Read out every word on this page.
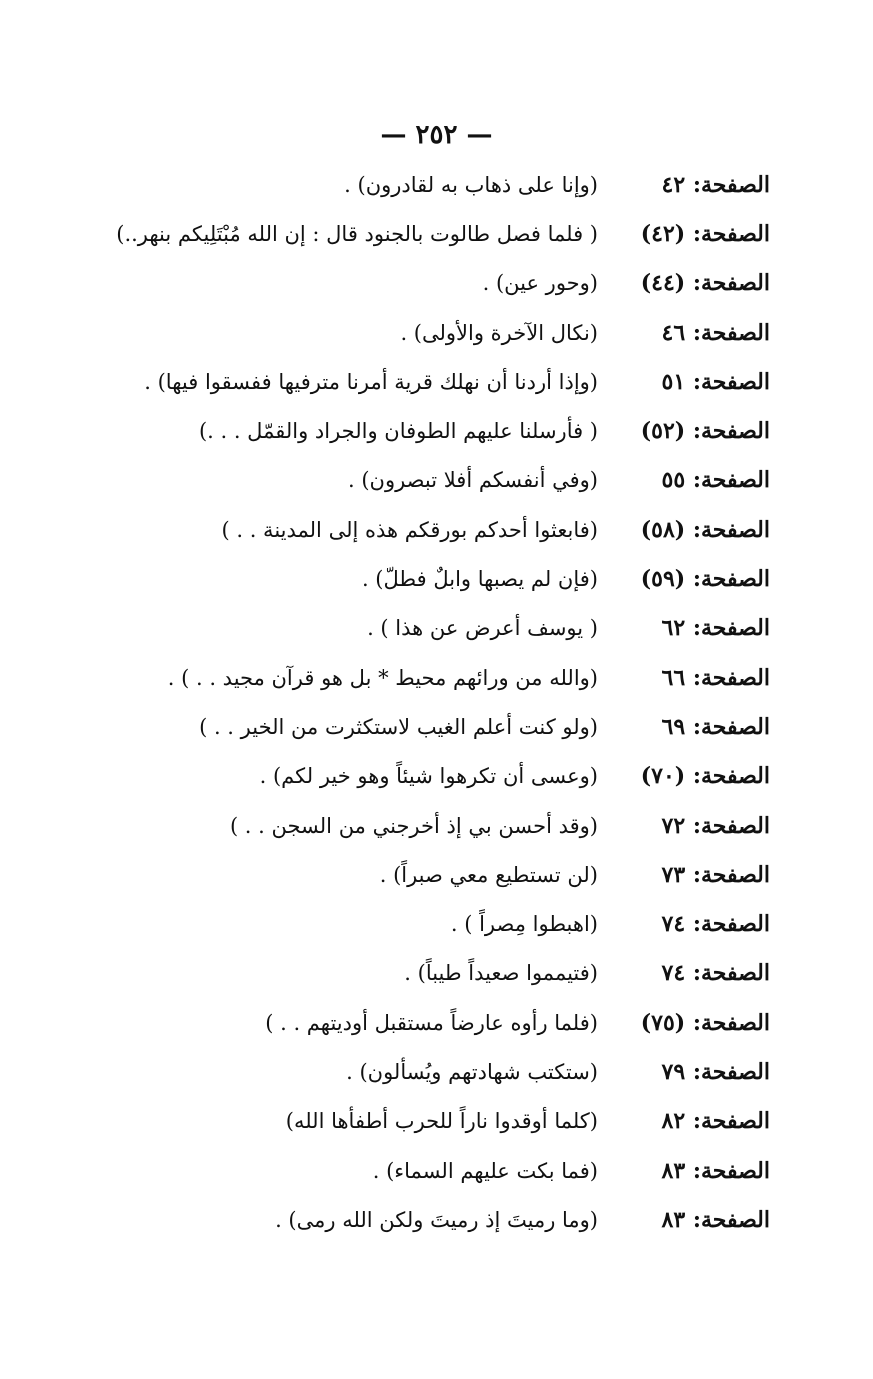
— ٢٥٢ —
الصفحة: ٤٢
(وإنا على ذهاب به لقادرون) .
الصفحة: (٤٢)
( فلما فصل طالوت بالجنود قال : إن الله مُبْتَلِيكم بنهر..)
الصفحة: (٤٤)
(وحور عين) .
الصفحة: ٤٦
(نكال الآخرة والأولى) .
الصفحة: ٥١
(وإذا أردنا أن نهلك قرية أمرنا مترفيها ففسقوا فيها) .
الصفحة: (٥٢)
( فأرسلنا عليهم الطوفان والجراد والقمّل . . .)
الصفحة: ٥٥
(وفي أنفسكم أفلا تبصرون) .
الصفحة: (٥٨)
(فابعثوا أحدكم بورقكم هذه إلى المدينة . . )
الصفحة: (٥٩)
(فإن لم يصبها وابلٌ فطلّ) .
الصفحة: ٦٢
( يوسف أعرض عن هذا ) .
الصفحة: ٦٦
(والله من ورائهم محيط * بل هو قرآن مجيد . . ) .
الصفحة: ٦٩
(ولو كنت أعلم الغيب لاستكثرت من الخير . . )
الصفحة: (٧٠)
(وعسى أن تكرهوا شيئاً وهو خير لكم) .
الصفحة: ٧٢
(وقد أحسن بي إذ أخرجني من السجن . . )
الصفحة: ٧٣
(لن تستطيع معي صبراً) .
الصفحة: ٧٤
(اهبطوا مِصراً ) .
الصفحة: ٧٤
(فتيمموا صعيداً طيباً) .
الصفحة: (٧٥)
(فلما رأوه عارضاً مستقبل أوديتهم . . )
الصفحة: ٧٩
(ستكتب شهادتهم ويُسألون) .
الصفحة: ٨٢
(كلما أوقدوا ناراً للحرب أطفأها الله)
الصفحة: ٨٣
(فما بكت عليهم السماء) .
الصفحة: ٨٣
(وما رميتَ إذ رميتَ ولكن الله رمى) .
